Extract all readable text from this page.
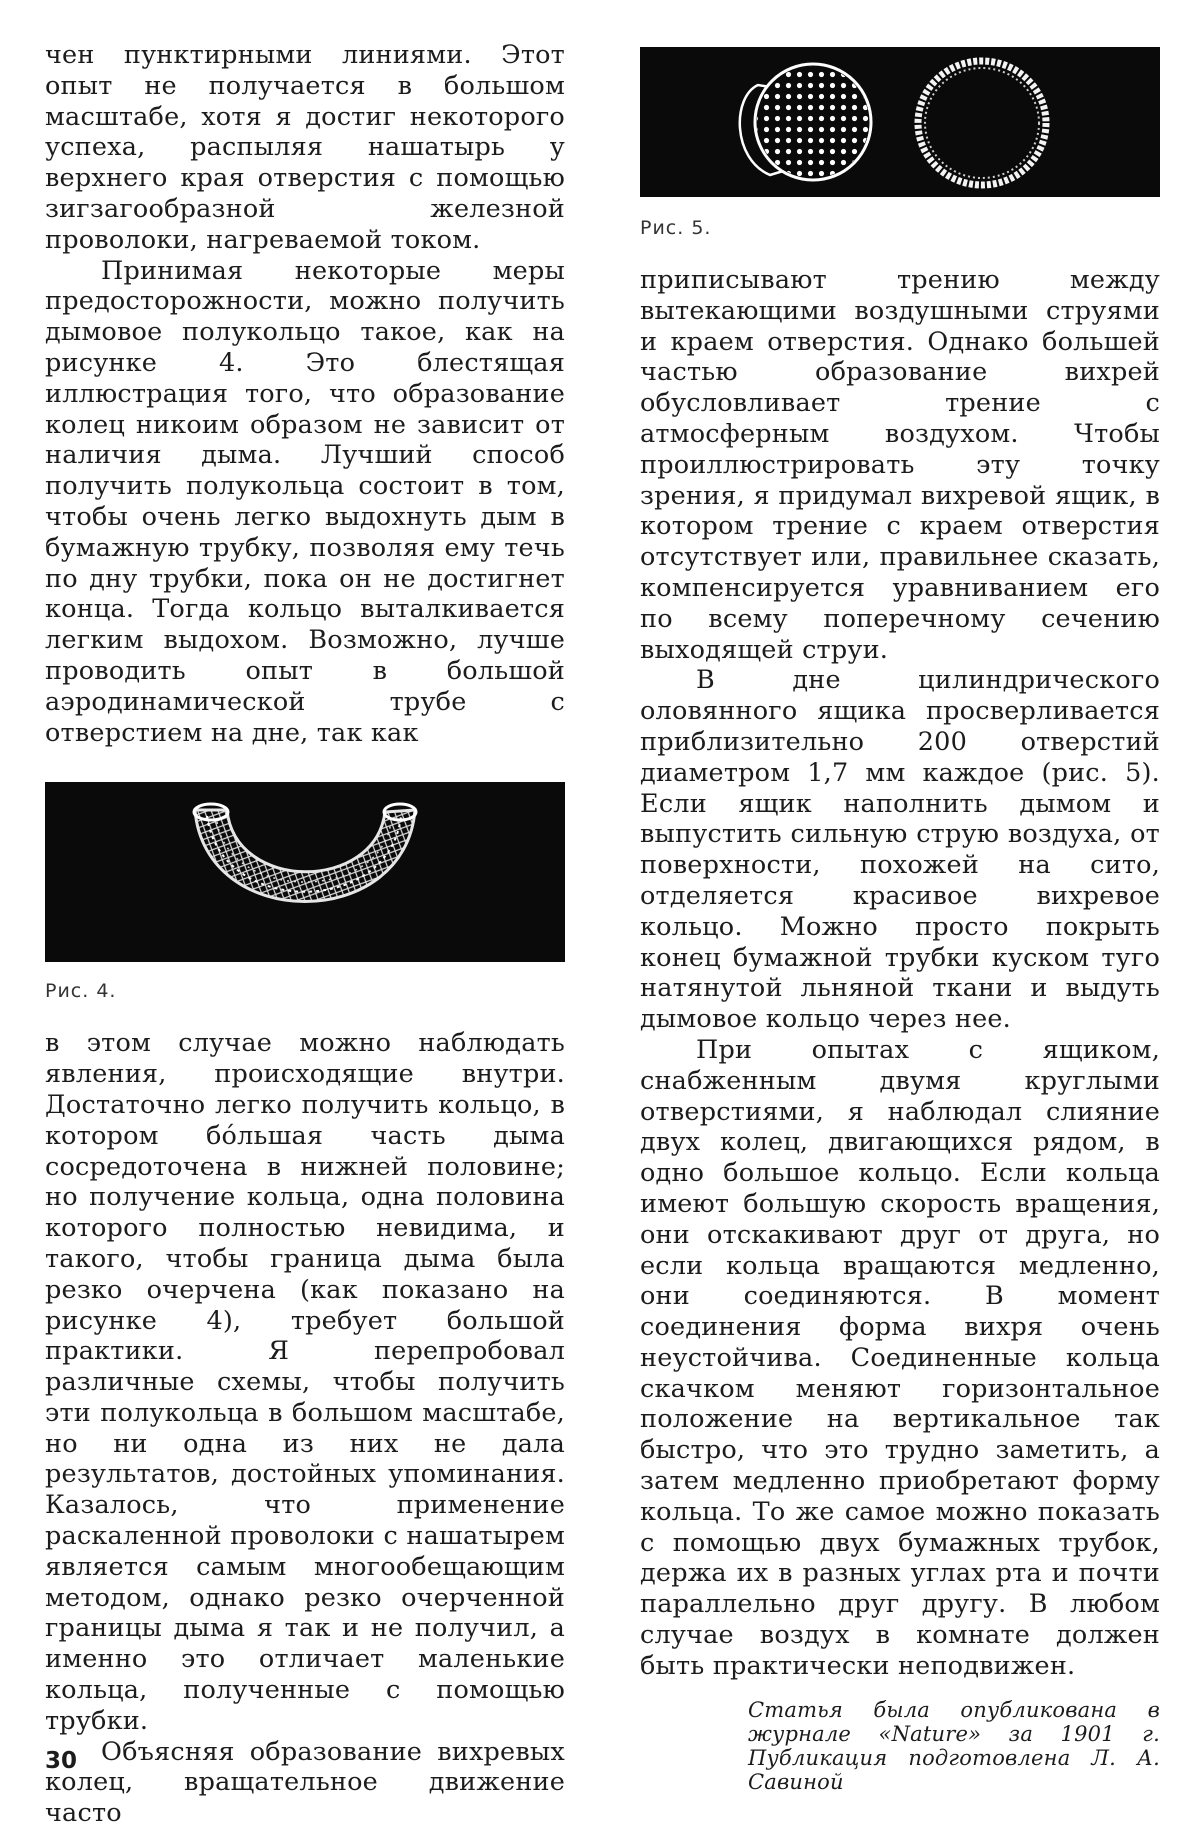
чен пунктирными линиями. Этот опыт не получается в большом масштабе, хотя я достиг некоторого успеха, распыляя нашатырь у верхнего края отверстия с помощью зигзагообразной железной проволоки, нагреваемой током.

Принимая некоторые меры предосторожности, можно получить дымовое полукольцо такое, как на рисунке 4. Это блестящая иллюстрация того, что образование колец никоим образом не зависит от наличия дыма. Лучший способ получить полукольца состоит в том, чтобы очень легко выдохнуть дым в бумажную трубку, позволяя ему течь по дну трубки, пока он не достигнет конца. Тогда кольцо выталкивается легким выдохом. Возможно, лучше проводить опыт в большой аэродинамической трубе с отверстием на дне, так как

Рис. 4.

в этом случае можно наблюдать явления, происходящие внутри. Достаточно легко получить кольцо, в котором бóльшая часть дыма сосредоточена в нижней половине; но получение кольца, одна половина которого полностью невидима, и такого, чтобы граница дыма была резко очерчена (как показано на рисунке 4), требует большой практики. Я перепробовал различные схемы, чтобы получить эти полукольца в большом масштабе, но ни одна из них не дала результатов, достойных упоминания. Казалось, что применение раскаленной проволоки с нашатырем является самым многообещающим методом, однако резко очерченной границы дыма я так и не получил, а именно это отличает маленькие кольца, полученные с помощью трубки.

Объясняя образование вихревых колец, вращательное движение часто

Рис. 5.

приписывают трению между вытекающими воздушными струями и краем отверстия. Однако большей частью образование вихрей обусловливает трение с атмосферным воздухом. Чтобы проиллюстрировать эту точку зрения, я придумал вихревой ящик, в котором трение с краем отверстия отсутствует или, правильнее сказать, компенсируется уравниванием его по всему поперечному сечению выходящей струи.

В дне цилиндрического оловянного ящика просверливается приблизительно 200 отверстий диаметром 1,7 мм каждое (рис. 5). Если ящик наполнить дымом и выпустить сильную струю воздуха, от поверхности, похожей на сито, отделяется красивое вихревое кольцо. Можно просто покрыть конец бумажной трубки куском туго натянутой льняной ткани и выдуть дымовое кольцо через нее.

При опытах с ящиком, снабженным двумя круглыми отверстиями, я наблюдал слияние двух колец, двигающихся рядом, в одно большое кольцо. Если кольца имеют большую скорость вращения, они отскакивают друг от друга, но если кольца вращаются медленно, они соединяются. В момент соединения форма вихря очень неустойчива. Соединенные кольца скачком меняют горизонтальное положение на вертикальное так быстро, что это трудно заметить, а затем медленно приобретают форму кольца. То же самое можно показать с помощью двух бумажных трубок, держа их в разных углах рта и почти параллельно друг другу. В любом случае воздух в комнате должен быть практически неподвижен.

Статья была опубликована в журнале «Nature» за 1901 г. Публикация подготовлена Л. А. Савиной

30
